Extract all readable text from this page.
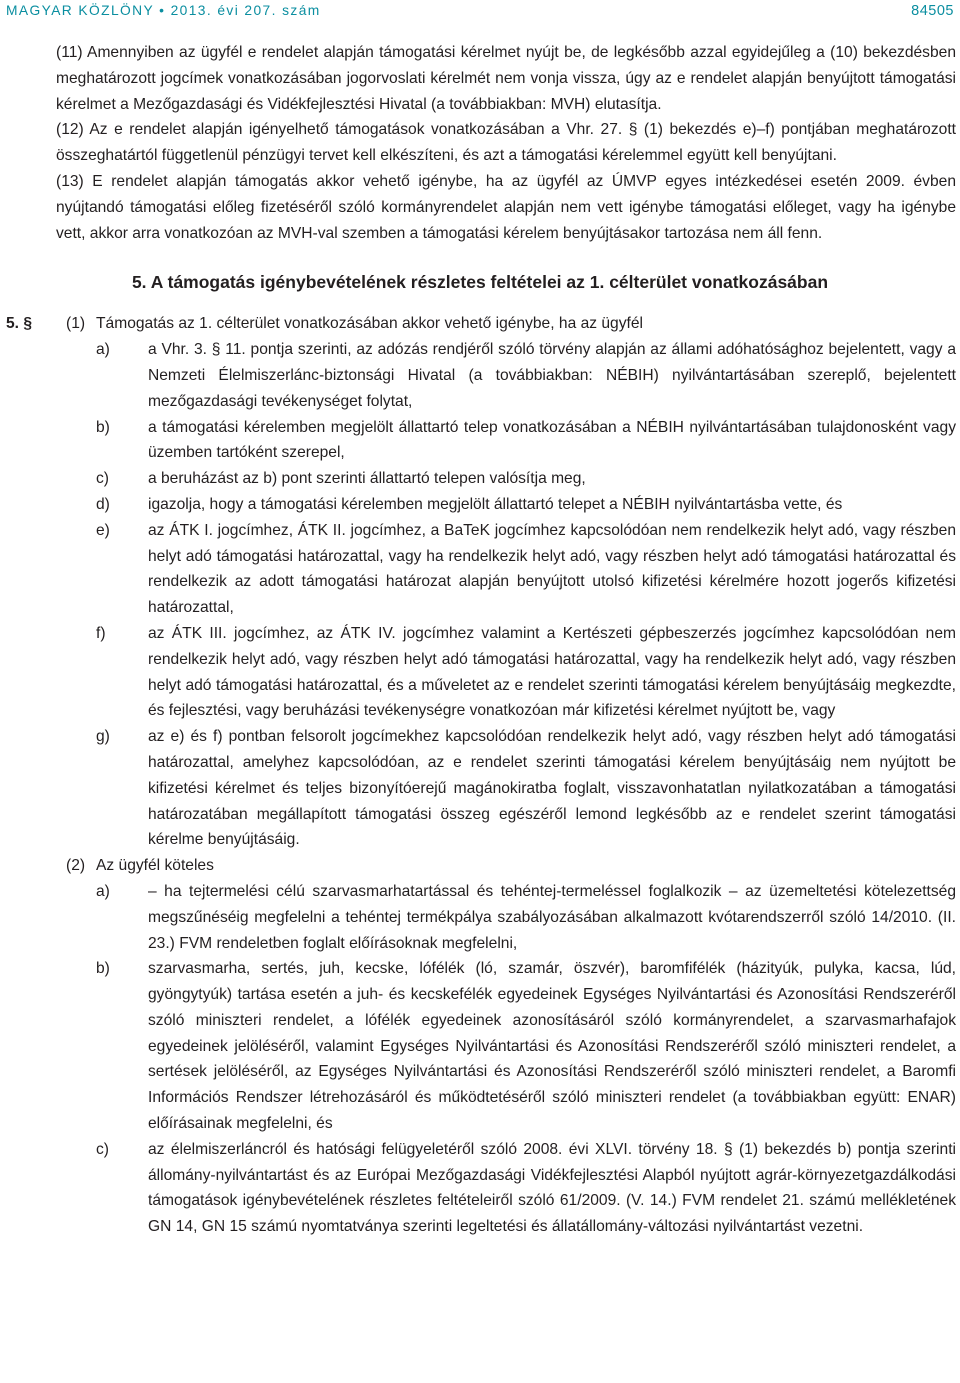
MAGYAR KÖZLÖNY • 2013. évi 207. szám	84505

(11) Amennyiben az ügyfél e rendelet alapján támogatási kérelmet nyújt be, de legkésőbb azzal egyidejűleg a (10) bekezdésben meghatározott jogcímek vonatkozásában jogorvoslati kérelmét nem vonja vissza, úgy az e rendelet alapján benyújtott támogatási kérelmet a Mezőgazdasági és Vidékfejlesztési Hivatal (a továbbiakban: MVH) elutasítja.

(12) Az e rendelet alapján igényelhető támogatások vonatkozásában a Vhr. 27. § (1) bekezdés e)–f) pontjában meghatározott összeghatártól függetlenül pénzügyi tervet kell elkészíteni, és azt a támogatási kérelemmel együtt kell benyújtani.

(13) E rendelet alapján támogatás akkor vehető igénybe, ha az ügyfél az ÚMVP egyes intézkedései esetén 2009. évben nyújtandó támogatási előleg fizetéséről szóló kormányrendelet alapján nem vett igénybe támogatási előleget, vagy ha igénybe vett, akkor arra vonatkozóan az MVH-val szemben a támogatási kérelem benyújtásakor tartozása nem áll fenn.

5. A támogatás igénybevételének részletes feltételei az 1. célterület vonatkozásában
5. § (1) Támogatás az 1. célterület vonatkozásában akkor vehető igénybe, ha az ügyfél
a) a Vhr. 3. § 11. pontja szerinti, az adózás rendjéről szóló törvény alapján az állami adóhatósághoz bejelentett, vagy a Nemzeti Élelmiszerlánc-biztonsági Hivatal (a továbbiakban: NÉBIH) nyilvántartásában szereplő, bejelentett mezőgazdasági tevékenységet folytat,
b) a támogatási kérelemben megjelölt állattartó telep vonatkozásában a NÉBIH nyilvántartásában tulajdonosként vagy üzemben tartóként szerepel,
c)	a beruházást az b) pont szerinti állattartó telepen valósítja meg,
d) igazolja, hogy a támogatási kérelemben megjelölt állattartó telepet a NÉBIH nyilvántartásba vette, és
e) az ÁTK I. jogcímhez, ÁTK II. jogcímhez, a BaTeK jogcímhez kapcsolódóan nem rendelkezik helyt adó, vagy részben helyt adó támogatási határozattal, vagy ha rendelkezik helyt adó, vagy részben helyt adó támogatási határozattal és rendelkezik az adott támogatási határozat alapján benyújtott utolsó kifizetési kérelmére hozott jogerős kifizetési határozattal,
f)	az ÁTK III. jogcímhez, az ÁTK IV. jogcímhez valamint a Kertészeti gépbeszerzés jogcímhez kapcsolódóan nem rendelkezik helyt adó, vagy részben helyt adó támogatási határozattal, vagy ha rendelkezik helyt adó, vagy részben helyt adó támogatási határozattal, és a műveletet az e rendelet szerinti támogatási kérelem benyújtásáig megkezdte, és fejlesztési, vagy beruházási tevékenységre vonatkozóan már kifizetési kérelmet nyújtott be, vagy
g) az e) és f) pontban felsorolt jogcímekhez kapcsolódóan rendelkezik helyt adó, vagy részben helyt adó támogatási határozattal, amelyhez kapcsolódóan, az e rendelet szerinti támogatási kérelem benyújtásáig nem nyújtott be kifizetési kérelmet és teljes bizonyítóerejű magánokiratba foglalt, visszavonhatatlan nyilatkozatában a támogatási határozatában megállapított támogatási összeg egészéről lemond legkésőbb az e rendelet szerint támogatási kérelme benyújtásáig.
(2) Az ügyfél köteles
a) – ha tejtermelési célú szarvasmarhatartással és tehéntej-termeléssel foglalkozik – az üzemeltetési kötelezettség megszűnéséig megfelelni a tehéntej termékpálya szabályozásában alkalmazott kvótarendszerről szóló 14/2010. (II. 23.) FVM rendeletben foglalt előírásoknak megfelelni,
b) szarvasmarha, sertés, juh, kecske, lófélék (ló, szamár, öszvér), baromfifélék (házityúk, pulyka, kacsa, lúd, gyöngytyúk) tartása esetén a juh- és kecskefélék egyedeinek Egységes Nyilvántartási és Azonosítási Rendszeréről szóló miniszteri rendelet, a lófélék egyedeinek azonosításáról szóló kormányrendelet, a szarvasmarhafajok egyedeinek jelöléséről, valamint Egységes Nyilvántartási és Azonosítási Rendszeréről szóló miniszteri rendelet, a sertések jelöléséről, az Egységes Nyilvántartási és Azonosítási Rendszeréről szóló miniszteri rendelet, a Baromfi Információs Rendszer létrehozásáról és működtetéséről szóló miniszteri rendelet (a továbbiakban együtt: ENAR) előírásainak megfelelni, és
c)	az élelmiszerláncról és hatósági felügyeletéről szóló 2008. évi XLVI. törvény 18. § (1) bekezdés b) pontja szerinti állomány-nyilvántartást és az Európai Mezőgazdasági Vidékfejlesztési Alapból nyújtott agrár-környezetgazdálkodási támogatások igénybevételének részletes feltételeiről szóló 61/2009. (V. 14.) FVM rendelet 21. számú mellékletének GN 14, GN 15 számú nyomtatványa szerinti legeltetési és állatállomány-változási nyilvántartást vezetni.
